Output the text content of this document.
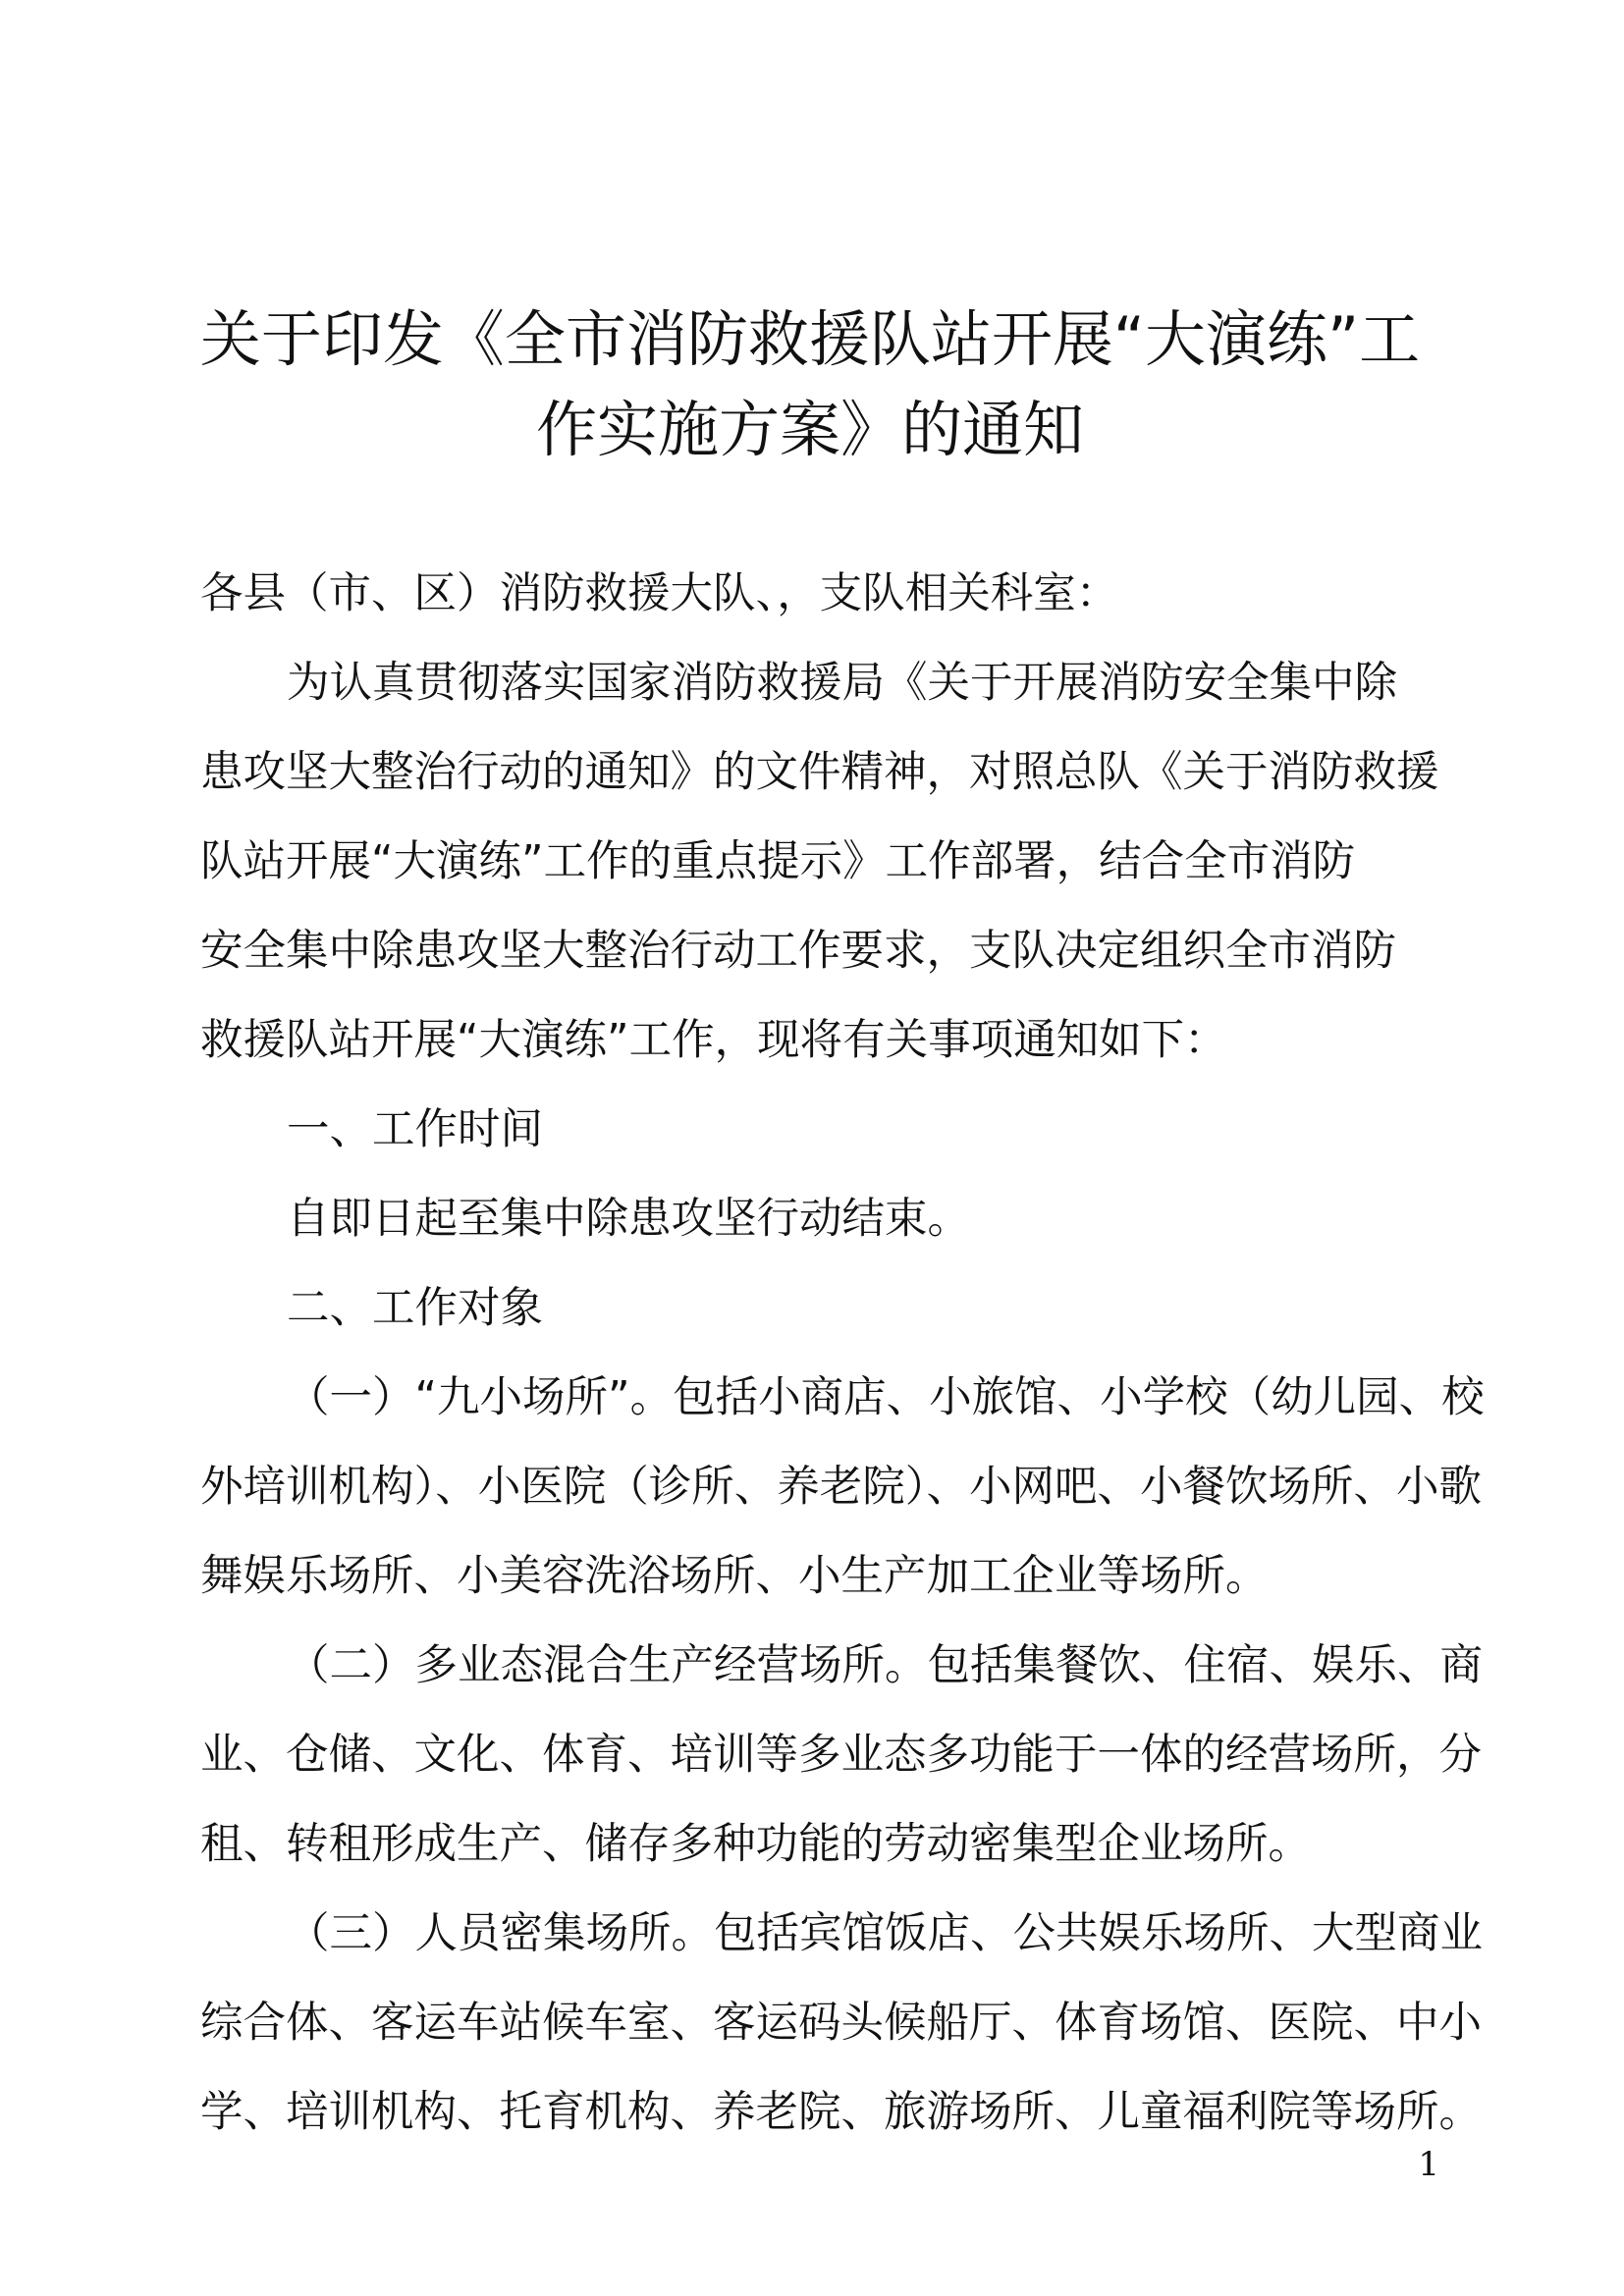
关于印发《全市消防救援队站开展“大演练”工
作实施方案》的通知
各县（市、区）消防救援大队、，支队相关科室：
为认真贯彻落实国家消防救援局《关于开展消防安全集中除
患攻坚大整治行动的通知》的文件精神，对照总队《关于消防救援
队站开展“大演练”工作的重点提示》工作部署，结合全市消防
安全集中除患攻坚大整治行动工作要求，支队决定组织全市消防
救援队站开展“大演练”工作，现将有关事项通知如下：
一、工作时间
自即日起至集中除患攻坚行动结束。
二、工作对象
（一）“九小场所”。包括小商店、小旅馆、小学校（幼儿园、校
外培训机构）、小医院（诊所、养老院）、小网吧、小餐饮场所、小歌
舞娱乐场所、小美容洗浴场所、小生产加工企业等场所。
（二）多业态混合生产经营场所。包括集餐饮、住宿、娱乐、商
业、仓储、文化、体育、培训等多业态多功能于一体的经营场所，分
租、转租形成生产、储存多种功能的劳动密集型企业场所。
（三）人员密集场所。包括宾馆饭店、公共娱乐场所、大型商业
综合体、客运车站候车室、客运码头候船厅、体育场馆、医院、中小
学、培训机构、托育机构、养老院、旅游场所、儿童福利院等场所。
1
